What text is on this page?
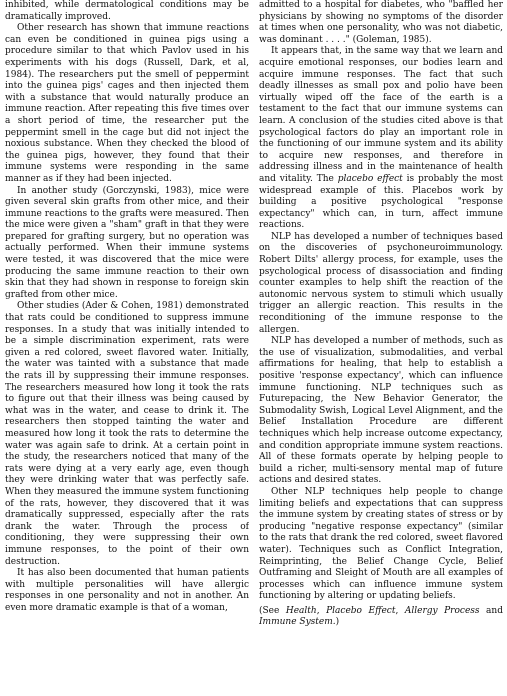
inhibited, while dermatological conditions may be dramatically improved.

Other research has shown that immune reactions can even be conditioned in guinea pigs using a procedure similar to that which Pavlov used in his experiments with his dogs (Russell, Dark, et al, 1984). The researchers put the smell of peppermint into the guinea pigs' cages and then injected them with a substance that would naturally produce an immune reaction. After repeating this five times over a short period of time, the researcher put the peppermint smell in the cage but did not inject the noxious substance. When they checked the blood of the guinea pigs, however, they found that their immune systems were responding in the same manner as if they had been injected.

In another study (Gorczynski, 1983), mice were given several skin grafts from other mice, and their immune reactions to the grafts were measured. Then the mice were given a "sham" graft in that they were prepared for grafting surgery, but no operation was actually performed. When their immune systems were tested, it was discovered that the mice were producing the same immune reaction to their own skin that they had shown in response to foreign skin grafted from other mice.

Other studies (Ader & Cohen, 1981) demonstrated that rats could be conditioned to suppress immune responses. In a study that was initially intended to be a simple discrimination experiment, rats were given a red colored, sweet flavored water. Initially, the water was tainted with a substance that made the rats ill by suppressing their immune responses. The researchers measured how long it took the rats to figure out that their illness was being caused by what was in the water, and cease to drink it. The researchers then stopped tainting the water and measured how long it took the rats to determine the water was again safe to drink. At a certain point in the study, the researchers noticed that many of the rats were dying at a very early age, even though they were drinking water that was perfectly safe. When they measured the immune system functioning of the rats, however, they discovered that it was dramatically suppressed, especially after the rats drank the water. Through the process of conditioning, they were suppressing their own immune responses, to the point of their own destruction.

It has also been documented that human patients with multiple personalities will have allergic responses in one personality and not in another. An even more dramatic example is that of a woman,

admitted to a hospital for diabetes, who "baffled her physicians by showing no symptoms of the disorder at times when one personality, who was not diabetic, was dominant . . . ." (Goleman, 1985).

It appears that, in the same way that we learn and acquire emotional responses, our bodies learn and acquire immune responses. The fact that such deadly illnesses as small pox and polio have been virtually wiped off the face of the earth is a testament to the fact that our immune systems can learn. A conclusion of the studies cited above is that psychological factors do play an important role in the functioning of our immune system and its ability to acquire new responses, and therefore in addressing illness and in the maintenance of health and vitality. The placebo effect is probably the most widespread example of this. Placebos work by building a positive psychological "response expectancy" which can, in turn, affect immune reactions.

NLP has developed a number of techniques based on the discoveries of psychoneuroimmunology. Robert Dilts' allergy process, for example, uses the psychological process of disassociation and finding counter examples to help shift the reaction of the autonomic nervous system to stimuli which usually trigger an allergic reaction. This results in the reconditioning of the immune response to the allergen.

NLP has developed a number of methods, such as the use of visualization, submodalities, and verbal affirmations for healing, that help to establish a positive 'response expectancy', which can influence immune functioning. NLP techniques such as Futurepacing, the New Behavior Generator, the Submodality Swish, Logical Level Alignment, and the Belief Installation Procedure are different techniques which help increase outcome expectancy, and condition appropriate immune system reactions. All of these formats operate by helping people to build a richer, multi-sensory mental map of future actions and desired states.

Other NLP techniques help people to change limiting beliefs and expectations that can suppress the immune system by creating states of stress or by producing "negative response expectancy" (similar to the rats that drank the red colored, sweet flavored water). Techniques such as Conflict Integration, Reimprinting, the Belief Change Cycle, Belief Outframing and Sleight of Mouth are all examples of processes which can influence immune system functioning by altering or updating beliefs.

(See Health, Placebo Effect, Allergy Process and Immune System.)
